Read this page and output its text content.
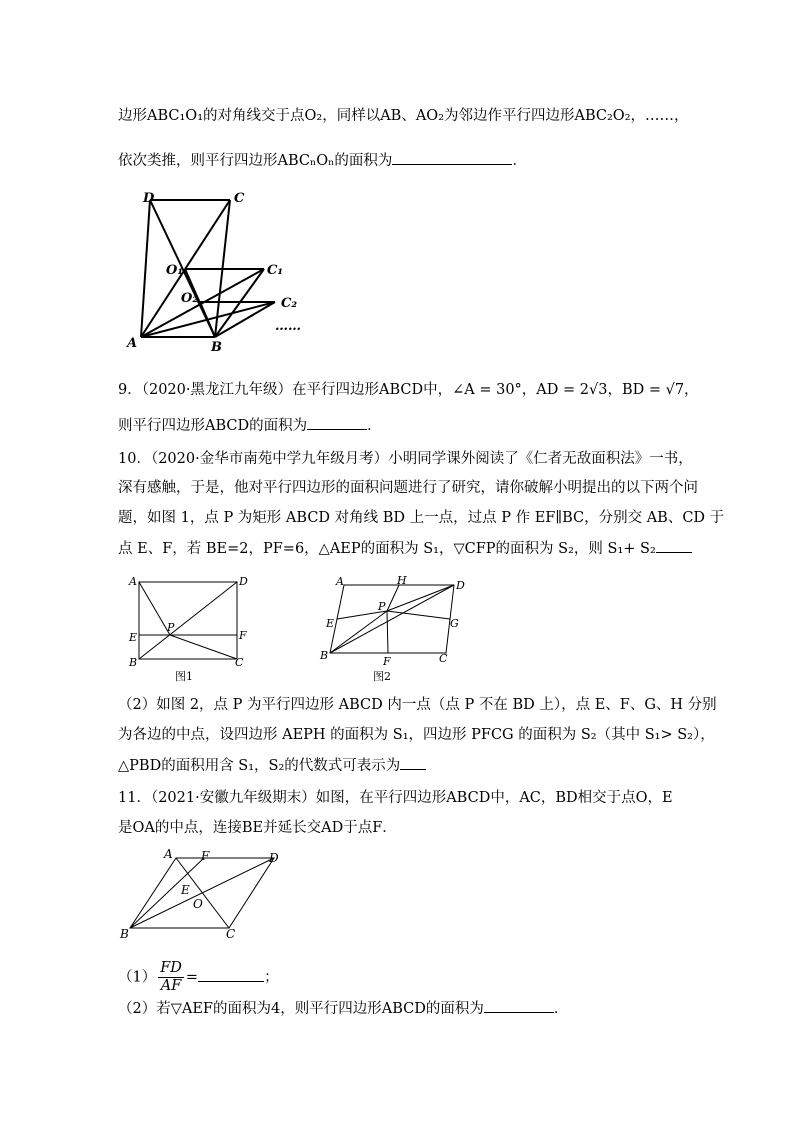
边形ABC₁O₁的对角线交于点O₂，同样以AB、AO₂为邻边作平行四边形ABC₂O₂，……，
依次类推，则平行四边形ABCₙOₙ的面积为	．
D	C
O₁	C₁
O₂	C₂
……
A	B
9．（2020·黑龙江九年级）在平行四边形ABCD中，∠A = 30°，AD = 2√3，BD = √7，
则平行四边形ABCD的面积为	．
10．（2020·金华市南苑中学九年级月考）小明同学课外阅读了《仁者无敌面积法》一书，
深有感触，于是，他对平行四边形的面积问题进行了研究，请你破解小明提出的以下两个问
题，如图 1，点 P 为矩形 ABCD 对角线 BD 上一点，过点 P 作 EF∥BC，分别交 AB、CD 于
点 E、F，若 BE=2，PF=6，△AEP的面积为 S₁，▽CFP的面积为 S₂，则 S₁+ S₂
A	D
P
E	F
B	C
图1
A	H	D
P
E	G
B	F	C
图2
（2）如图 2，点 P 为平行四边形 ABCD 内一点（点 P 不在 BD 上），点 E、F、G、H 分别
为各边的中点，设四边形 AEPH 的面积为 S₁，四边形 PFCG 的面积为 S₂（其中 S₁> S₂），
△PBD的面积用含 S₁，S₂的代数式可表示为
11．（2021·安徽九年级期末）如图，在平行四边形ABCD中，AC，BD相交于点O，E
是OA的中点，连接BE并延长交AD于点F．
A F	D
E
O
B	C
$(1) \frac{FD}{AF}$ =	；
（2）若▽AEF的面积为4，则平行四边形ABCD的面积为	．
